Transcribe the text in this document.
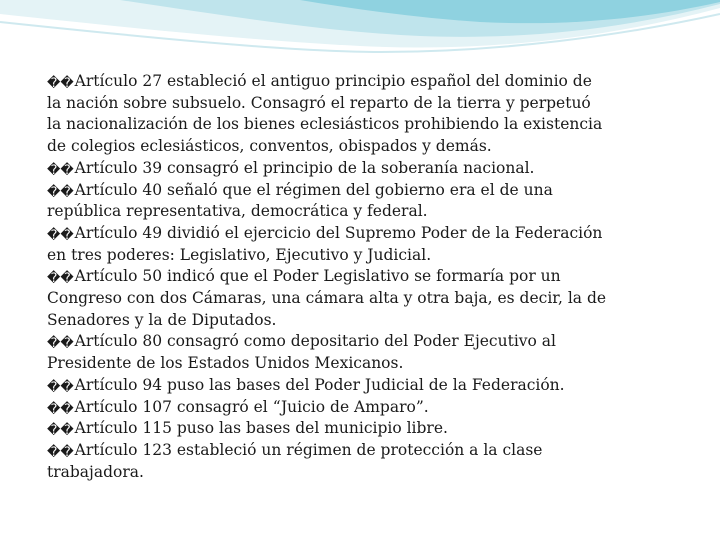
��Artículo 27 estableció el antiguo principio español del dominio de la nación sobre subsuelo. Consagró el reparto de la tierra y perpetuó la nacionalización de los bienes eclesiásticos prohibiendo la existencia de colegios eclesiásticos, conventos, obispados y demás.

��Artículo 39 consagró el principio de la soberanía nacional.

��Artículo 40 señaló que el régimen del gobierno era el de una república representativa, democrática y federal.

��Artículo 49 dividió el ejercicio del Supremo Poder de la Federación en tres poderes: Legislativo, Ejecutivo y Judicial.

��Artículo 50 indicó que el Poder Legislativo se formaría por un Congreso con dos Cámaras, una cámara alta y otra baja, es decir, la de Senadores y la de Diputados.

��Artículo 80 consagró como depositario del Poder Ejecutivo al Presidente de los Estados Unidos Mexicanos.

��Artículo 94 puso las bases del Poder Judicial de la Federación.

��Artículo 107 consagró el “Juicio de Amparo”.

��Artículo 115 puso las bases del municipio libre.

��Artículo 123 estableció un régimen de protección a la clase trabajadora.
